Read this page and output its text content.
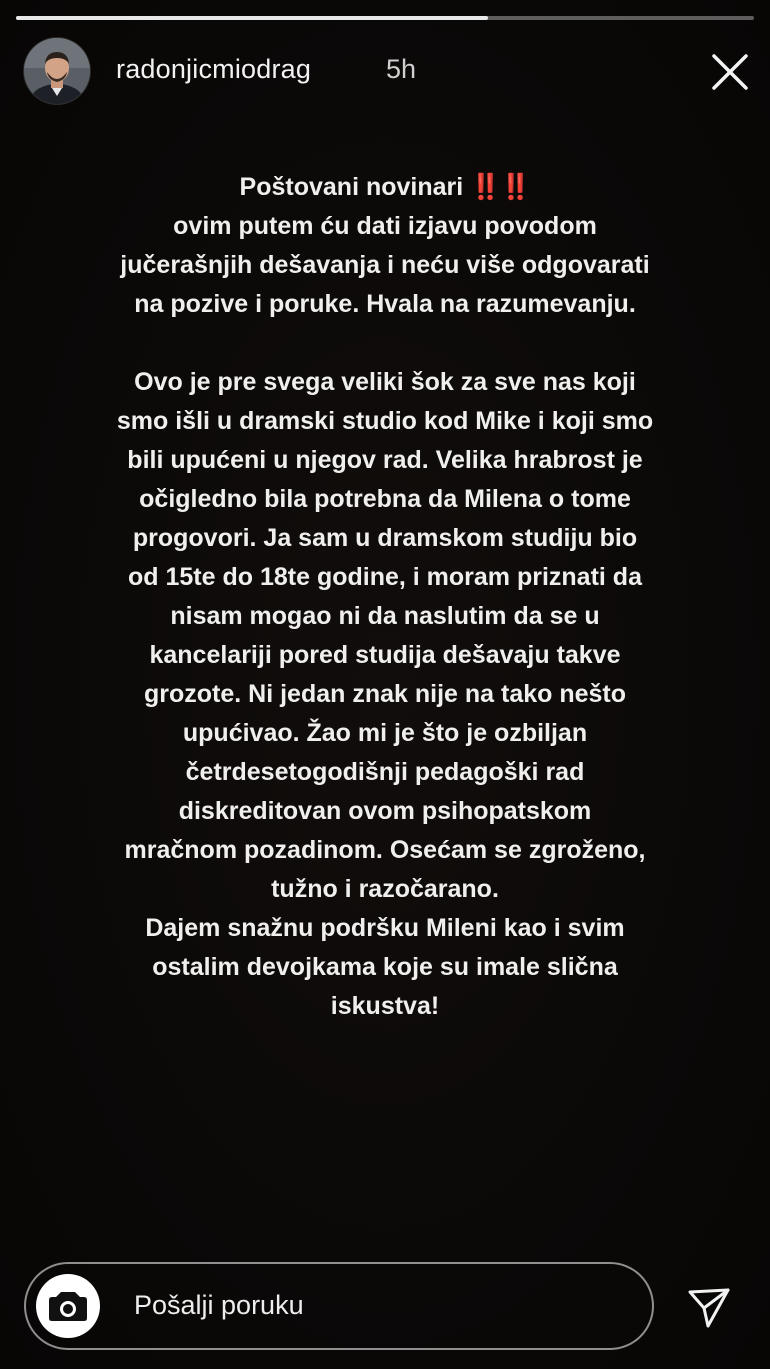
radonjicmiodrag	5h
Poštovani novinari ‼️‼️
ovim putem ću dati izjavu povodom
jučerašnjih dešavanja i neću više odgovarati
na pozive i poruke. Hvala na razumevanju.
Ovo je pre svega veliki šok za sve nas koji
smo išli u dramski studio kod Mike i koji smo
bili upućeni u njegov rad. Velika hrabrost je
očigledno bila potrebna da Milena o tome
progovori. Ja sam u dramskom studiju bio
od 15te do 18te godine, i moram priznati da
nisam mogao ni da naslutim da se u
kancelariji pored studija dešavaju takve
grozote. Ni jedan znak nije na tako nešto
upućivao. Žao mi je što je ozbiljan
četrdesetogodišnji pedagoški rad
diskreditovan ovom psihopatskom
mračnom pozadinom. Osećam se zgroženo,
tužno i razočarano.
Dajem snažnu podršku Mileni kao i svim
ostalim devojkama koje su imale slična
iskustva!
Pošalji poruku
